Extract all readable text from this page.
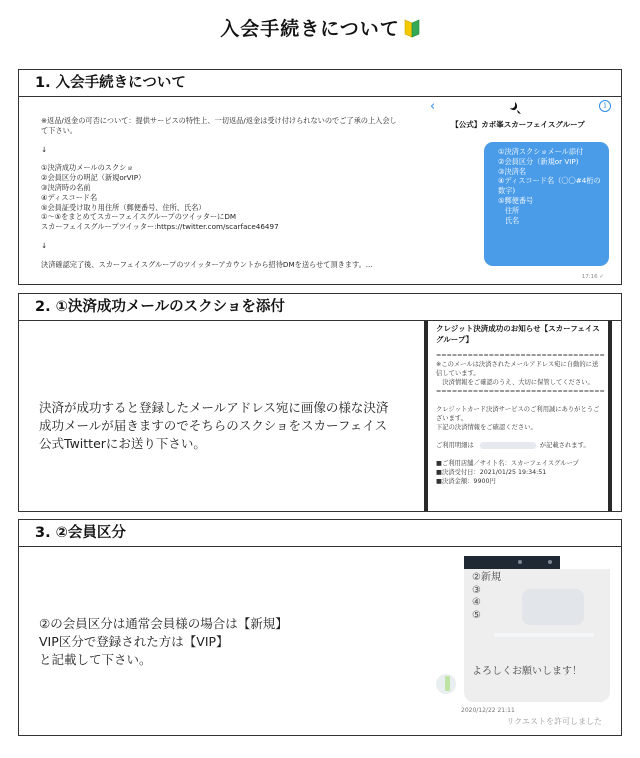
入会手続きについて
1. 入会手続きについて

※返品/返金の可否について：提供サービスの特性上、一切返品/返金は受け付けられないのでご了承の上入会して下さい。

↓

①決済成功メールのスクショ

②会員区分の明記（新規orVIP）

③決済時の名前

④ディスコード名

⑤会員証受け取り用住所（郵便番号、住所、氏名）

①～⑤をまとめてスカーフェイスグループのツイッターにDM

スカーフェイスグループツイッター:https://twitter.com/scarface46497

↓

決済確認完了後、スカーフェイスグループのツイッターアカウントから招待DMを送らせて頂きます。...

‹	i
【公式】カボ峯スカーフェイスグループ

①決済スクショメール添付

②会員区分（新規or VIP)

③決済名

④ディスコード名（〇〇#4桁の数字)

⑤郵便番号

住所

氏名

17:16 ✓
2. ①決済成功メールのスクショを添付
決済が成功すると登録したメールアドレス宛に画像の様な決済成功メールが届きますのでそちらのスクショをスカーフェイス公式Twitterにお送り下さい。
クレジット決済成功のお知らせ【スカーフェイスグループ】

================================

※このメールは決済されたメールアドレス宛に自動的に送信しています。

　決済情報をご確認のうえ、大切に保管してください。

================================

クレジットカード決済サービスのご利用誠にありがとうございます。

下記の決済情報をご確認ください。

ご利用明細は	が記載されます。

■ご利用店舗／サイト名：スカーフェイスグループ

■決済受付日：2021/01/25 19:34:51

■決済金額：9900円

3. ②会員区分

②の会員区分は通常会員様の場合は【新規】

VIP区分で登録された方は【VIP】

と記載して下さい。

②新規

③

④

⑤

よろしくお願いします！

2020/12/22 21:11
リクエストを許可しました
